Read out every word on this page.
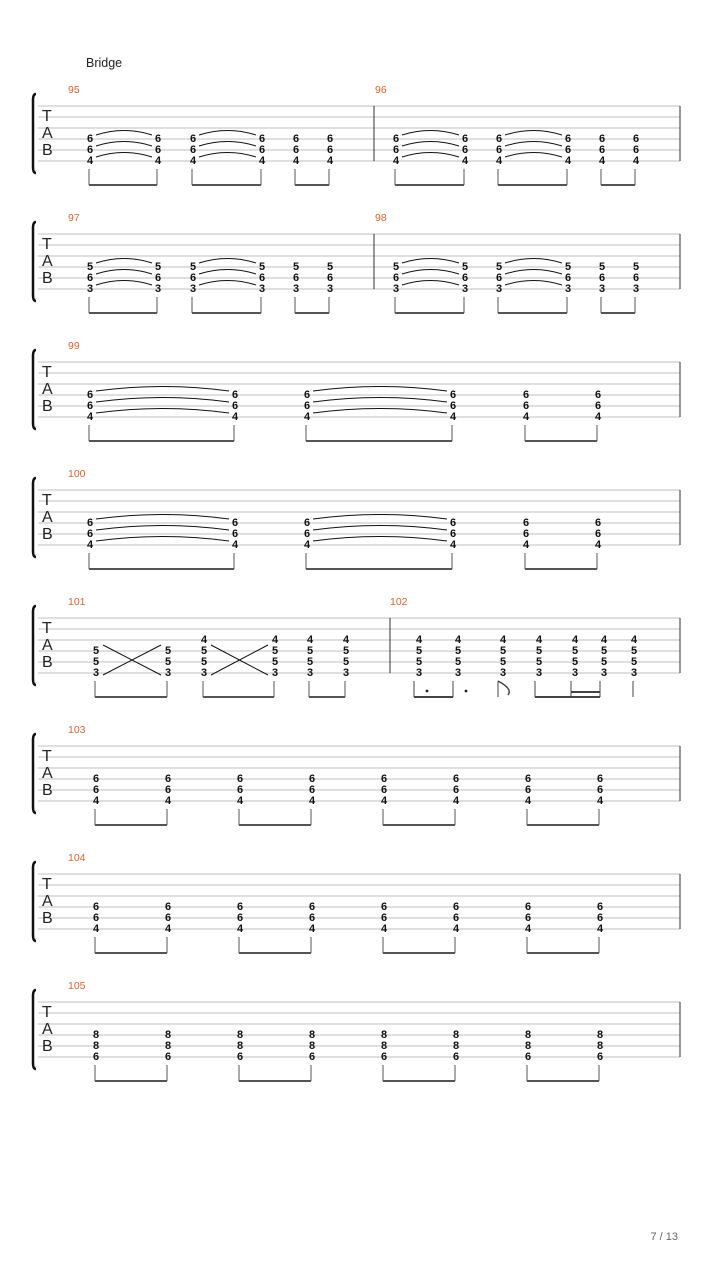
Bridge
T
A
B
95
6
6
4
6
6
4
6
6
4
6
6
4
6
6
4
6
6
4
96
6
6
4
6
6
4
6
6
4
6
6
4
6
6
4
6
6
4
T
A
B
97
5
6
3
5
6
3
5
6
3
5
6
3
5
6
3
5
6
3
98
5
6
3
5
6
3
5
6
3
5
6
3
5
6
3
5
6
3
T
A
B
99
6
6
4
6
6
4
6
6
4
6
6
4
6
6
4
6
6
4
T
A
B
100
6
6
4
6
6
4
6
6
4
6
6
4
6
6
4
6
6
4
T
A
B
101
5
5
3
5
5
3
4
5
5
3
4
5
5
3
4
5
5
3
4
5
5
3
102
4
5
5
3
4
5
5
3
4
5
5
3
4
5
5
3
4
5
5
3
4
5
5
3
4
5
5
3
T
A
B
103
6
6
4
6
6
4
6
6
4
6
6
4
6
6
4
6
6
4
6
6
4
6
6
4
T
A
B
104
6
6
4
6
6
4
6
6
4
6
6
4
6
6
4
6
6
4
6
6
4
6
6
4
T
A
B
105
8
8
6
8
8
6
8
8
6
8
8
6
8
8
6
8
8
6
8
8
6
8
8
6
7 / 13
